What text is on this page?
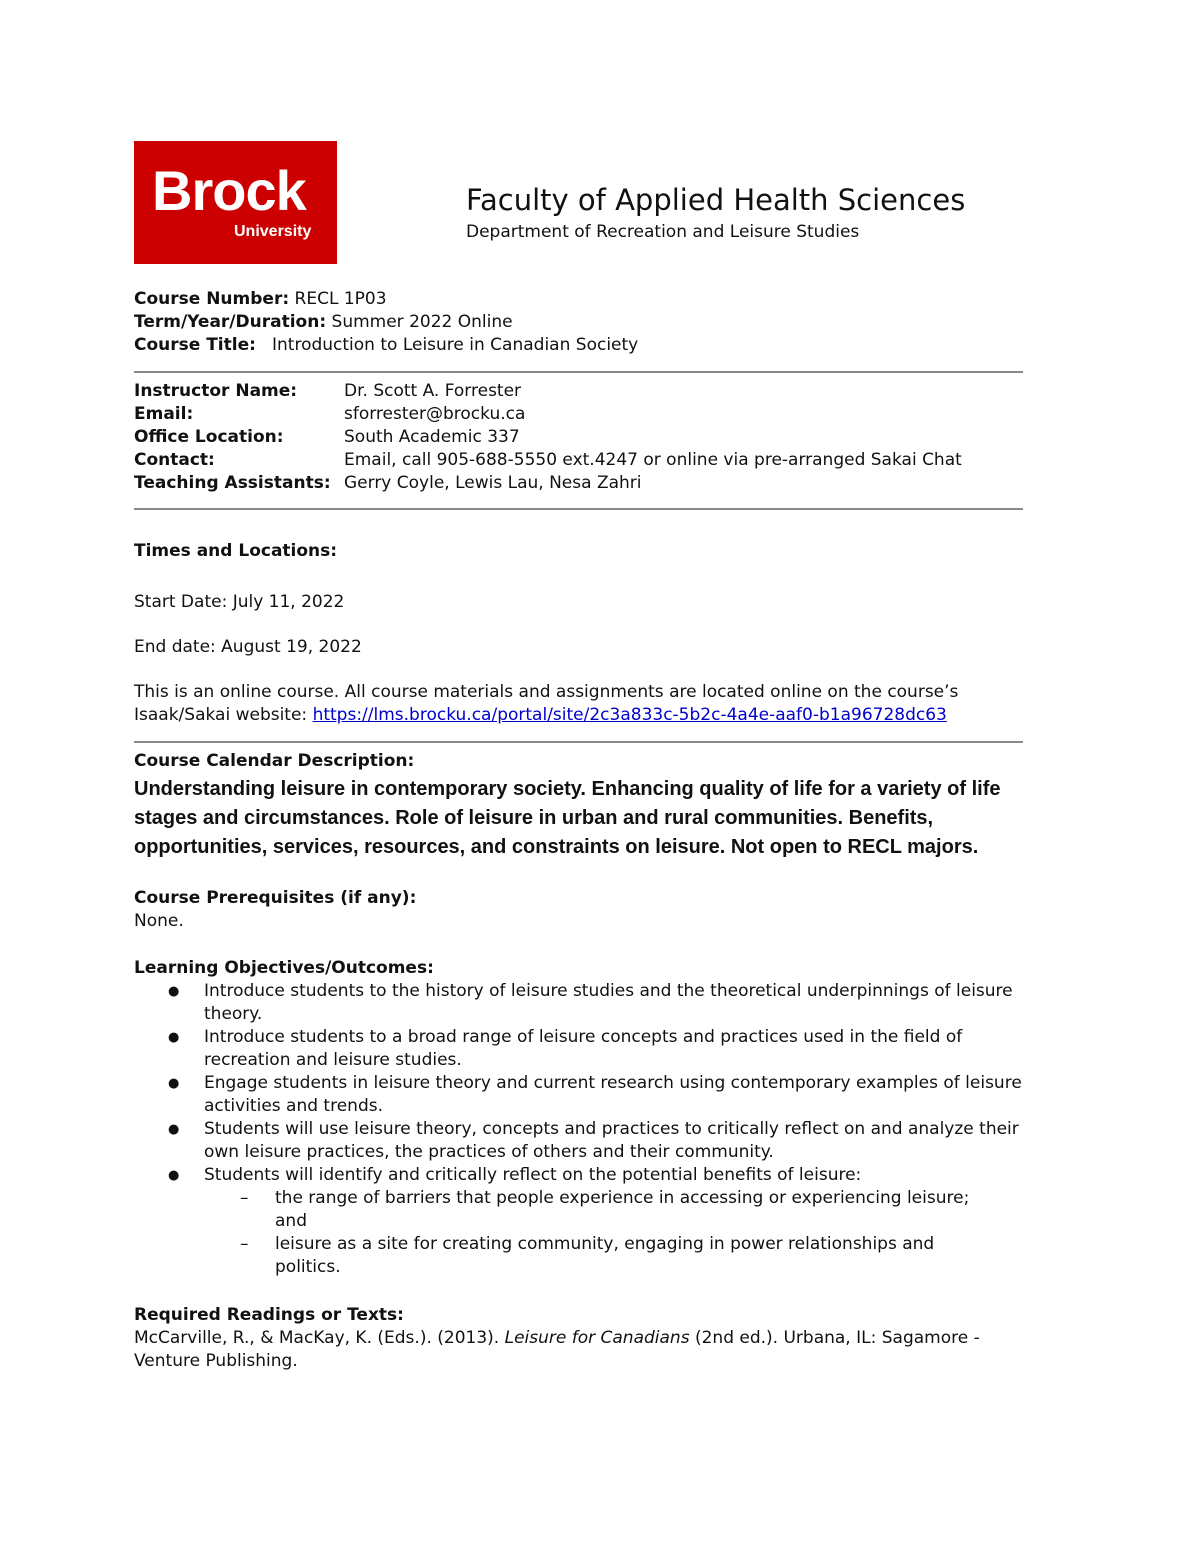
Brock
University
Faculty of Applied Health Sciences
Department of Recreation and Leisure Studies
Course Number: RECL 1P03
Term/Year/Duration: Summer 2022 Online
Course Title: Introduction to Leisure in Canadian Society
Instructor Name:	Dr. Scott A. Forrester
Email:	sforrester@brocku.ca
Office Location:	South Academic 337
Contact:	Email, call 905-688-5550 ext.4247 or online via pre-arranged Sakai Chat
Teaching Assistants: Gerry Coyle, Lewis Lau, Nesa Zahri
Times and Locations:
Start Date: July 11, 2022
End date: August 19, 2022
This is an online course. All course materials and assignments are located online on the course’s
Isaak/Sakai website: https://lms.brocku.ca/portal/site/2c3a833c-5b2c-4a4e-aaf0-b1a96728dc63
Course Calendar Description:
Understanding leisure in contemporary society. Enhancing quality of life for a variety of life stages and circumstances. Role of leisure in urban and rural communities. Benefits, opportunities, services, resources, and constraints on leisure. Not open to RECL majors.
Course Prerequisites (if any):
None.
Learning Objectives/Outcomes:
● Introduce students to the history of leisure studies and the theoretical underpinnings of leisure theory.
● Introduce students to a broad range of leisure concepts and practices used in the field of recreation and leisure studies.
● Engage students in leisure theory and current research using contemporary examples of leisure activities and trends.
● Students will use leisure theory, concepts and practices to critically reflect on and analyze their own leisure practices, the practices of others and their community.
● Students will identify and critically reflect on the potential benefits of leisure:
– the range of barriers that people experience in accessing or experiencing leisure; and
– leisure as a site for creating community, engaging in power relationships and politics.
Required Readings or Texts:
McCarville, R., & MacKay, K. (Eds.). (2013). Leisure for Canadians (2nd ed.). Urbana, IL: Sagamore - Venture Publishing.
